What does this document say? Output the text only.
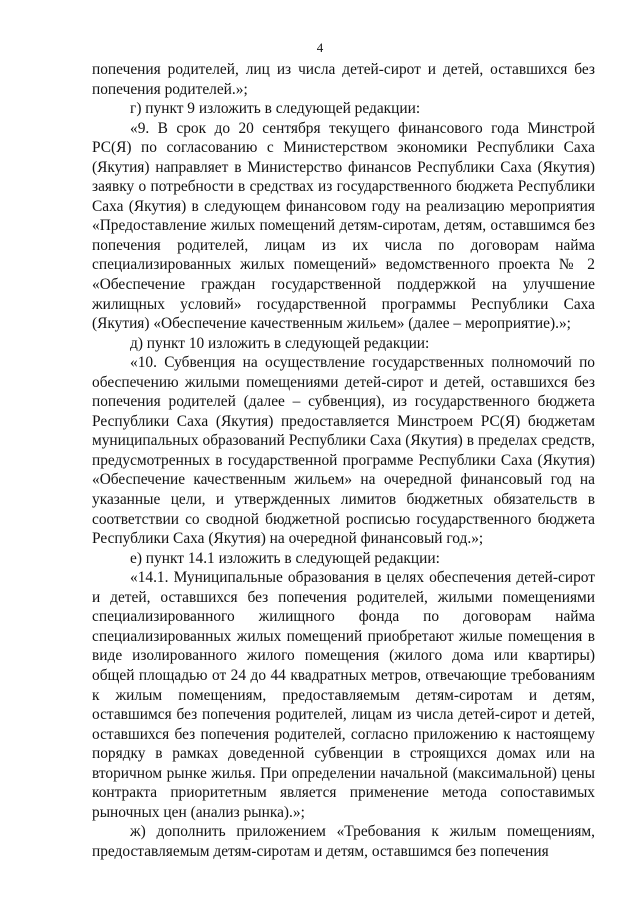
4

попечения родителей, лиц из числа детей-сирот и детей, оставшихся без попечения родителей.»;

г) пункт 9 изложить в следующей редакции:

«9. В срок до 20 сентября текущего финансового года Минстрой РС(Я) по согласованию с Министерством экономики Республики Саха (Якутия) направляет в Министерство финансов Республики Саха (Якутия) заявку о потребности в средствах из государственного бюджета Республики Саха (Якутия) в следующем финансовом году на реализацию мероприятия «Предоставление жилых помещений детям-сиротам, детям, оставшимся без попечения родителей, лицам из их числа по договорам найма специализированных жилых помещений» ведомственного проекта № 2 «Обеспечение граждан государственной поддержкой на улучшение жилищных условий» государственной программы Республики Саха (Якутия) «Обеспечение качественным жильем» (далее – мероприятие).»;

д) пункт 10 изложить в следующей редакции:

«10. Субвенция на осуществление государственных полномочий по обеспечению жилыми помещениями детей-сирот и детей, оставшихся без попечения родителей (далее – субвенция), из государственного бюджета Республики Саха (Якутия) предоставляется Минстроем РС(Я) бюджетам муниципальных образований Республики Саха (Якутия) в пределах средств, предусмотренных в государственной программе Республики Саха (Якутия) «Обеспечение качественным жильем» на очередной финансовый год на указанные цели, и утвержденных лимитов бюджетных обязательств в соответствии со сводной бюджетной росписью государственного бюджета Республики Саха (Якутия) на очередной финансовый год.»;

е) пункт 14.1 изложить в следующей редакции:

«14.1. Муниципальные образования в целях обеспечения детей-сирот и детей, оставшихся без попечения родителей, жилыми помещениями специализированного жилищного фонда по договорам найма специализированных жилых помещений приобретают жилые помещения в виде изолированного жилого помещения (жилого дома или квартиры) общей площадью от 24 до 44 квадратных метров, отвечающие требованиям к жилым помещениям, предоставляемым детям-сиротам и детям, оставшимся без попечения родителей, лицам из числа детей-сирот и детей, оставшихся без попечения родителей, согласно приложению к настоящему порядку в рамках доведенной субвенции в строящихся домах или на вторичном рынке жилья. При определении начальной (максимальной) цены контракта приоритетным является применение метода сопоставимых рыночных цен (анализ рынка).»;

ж) дополнить приложением «Требования к жилым помещениям, предоставляемым детям-сиротам и детям, оставшимся без попечения
